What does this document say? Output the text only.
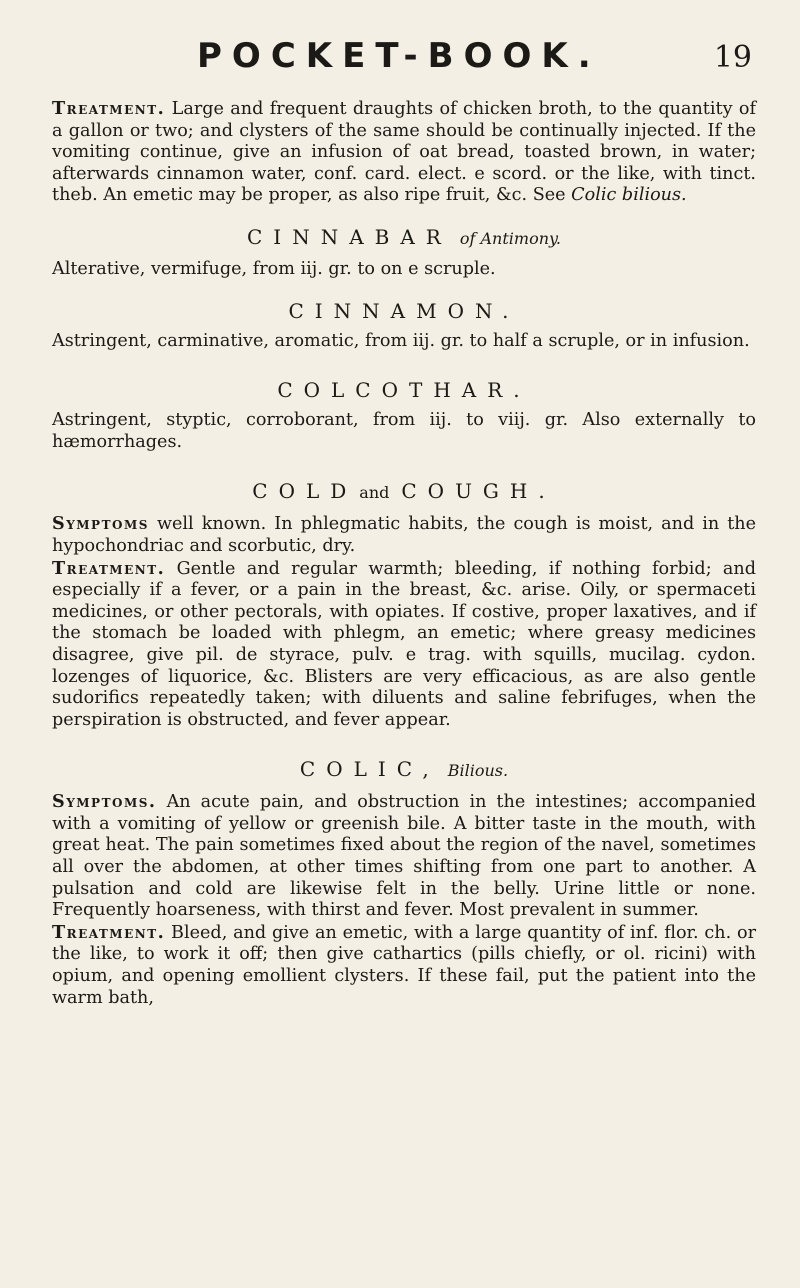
POCKET-BOOK.	19

Treatment. Large and frequent draughts of chicken broth, to the quantity of a gallon or two; and clysters of the same should be continually injected. If the vomiting continue, give an infusion of oat bread, toasted brown, in water; afterwards cinnamon water, conf. card. elect. e scord. or the like, with tinct. theb. An emetic may be proper, as also ripe fruit, &c. See Colic bilious.

CINNABAR of Antimony.

Alterative, vermifuge, from iij. gr. to on e scruple.

CINNAMON.

Astringent, carminative, aromatic, from iij. gr. to half a scruple, or in infusion.

COLCOTHAR.

Astringent, styptic, corroborant, from iij. to viij. gr. Also externally to hæmorrhages.

COLD and COUGH.

Symptoms well known. In phlegmatic habits, the cough is moist, and in the hypochondriac and scorbutic, dry.

Treatment. Gentle and regular warmth; bleeding, if nothing forbid; and especially if a fever, or a pain in the breast, &c. arise. Oily, or spermaceti medicines, or other pectorals, with opiates. If costive, proper laxatives, and if the stomach be loaded with phlegm, an emetic; where greasy medicines disagree, give pil. de styrace, pulv. e trag. with squills, mucilag. cydon. lozenges of liquorice, &c. Blisters are very efficacious, as are also gentle sudorifics repeatedly taken; with diluents and saline febrifuges, when the perspiration is obstructed, and fever appear.

COLIC, Bilious.

Symptoms. An acute pain, and obstruction in the intestines; accompanied with a vomiting of yellow or greenish bile. A bitter taste in the mouth, with great heat. The pain sometimes fixed about the region of the navel, sometimes all over the abdomen, at other times shifting from one part to another. A pulsation and cold are likewise felt in the belly. Urine little or none. Frequently hoarseness, with thirst and fever. Most prevalent in summer.

Treatment. Bleed, and give an emetic, with a large quantity of inf. flor. ch. or the like, to work it off; then give cathartics (pills chiefly, or ol. ricini) with opium, and opening emollient clysters. If these fail, put the patient into the warm bath,
